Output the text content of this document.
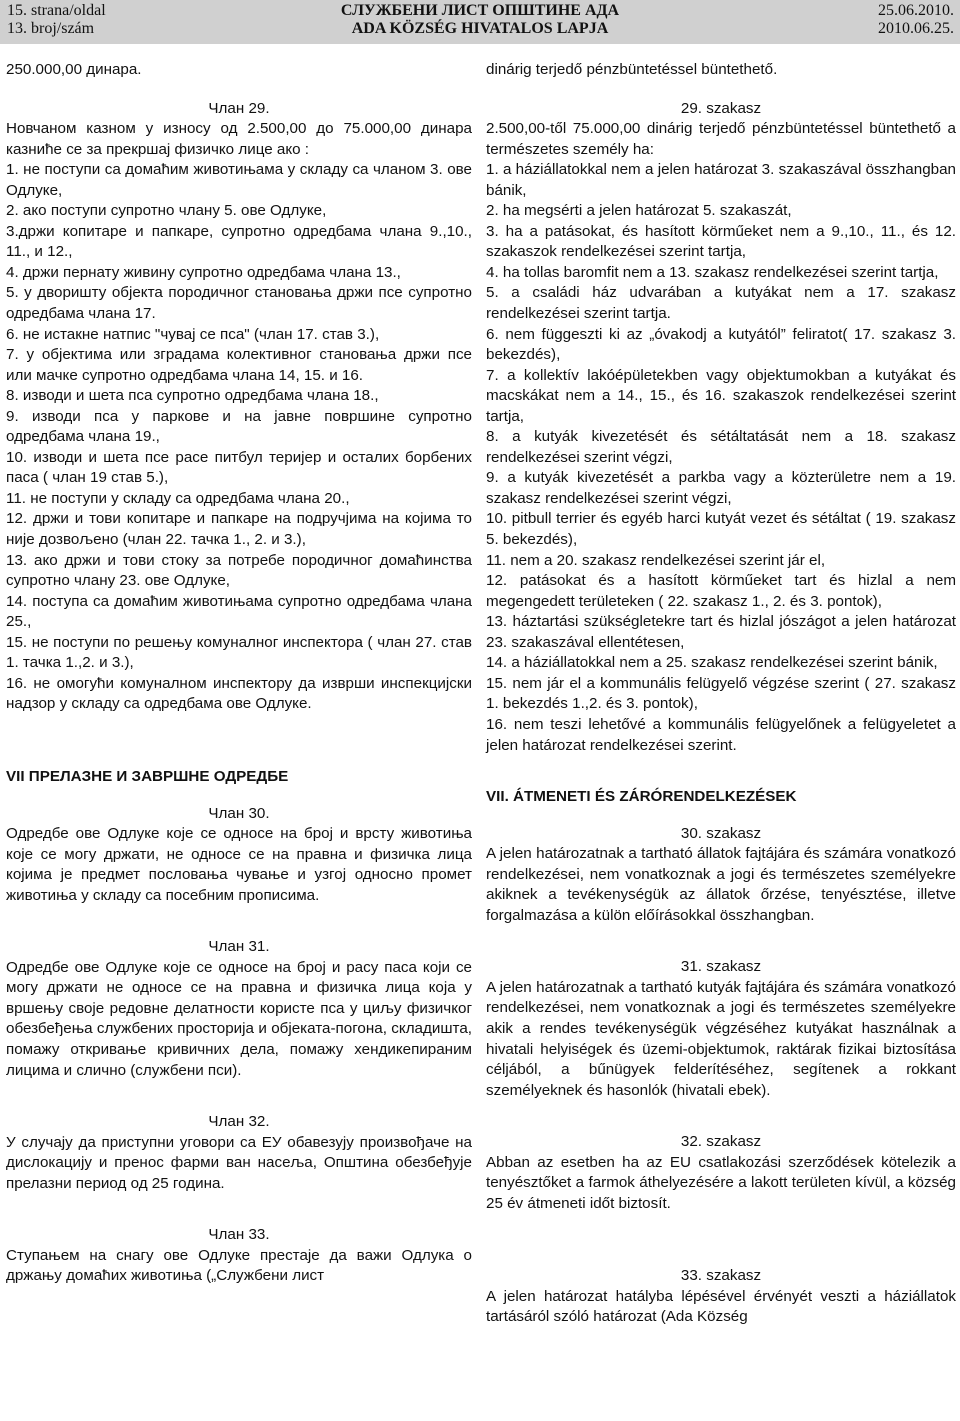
15. strana/oldal
13. broj/szám
СЛУЖБЕНИ ЛИСТ ОПШТИНЕ АДА
ADA KÖZSÉG HIVATALOS LAPJA
25.06.2010.
2010.06.25.

250.000,00 динара.

Члан 29.

Новчаном казном у износу од 2.500,00 до 75.000,00 динара казниће се за прекршај физичко лице ако :

1. не поступи са домаћим животињама у складу са чланом 3. ове Одлуке,

2. ако поступи супротно члану 5. ове Одлуке,

3.држи копитаре и папкаре, супротно одредбама члана 9.,10., 11., и 12.,

4. држи пернату живину супротно одредбама члана 13.,

5. у дворишту објекта породичног становања држи псе супротно одредбама члана 17.

6. не истакне натпис "чувај се пса" (члан 17. став 3.),

7. у објектима или зградама колективног становања држи псе или мачке супротно одредбама члана 14, 15. и 16.

8. изводи и шета пса супротно одредбама члана 18.,

9. изводи пса у паркове и на јавне површине супротно одредбама члана 19.,

10. изводи и шета псе расе питбул теријер и осталих борбених паса ( члан 19 став 5.),

11. не поступи у складу са одредбама члана 20.,

12. држи и тови копитаре и папкаре на подручјима на којима то није дозвољено (члан 22. тачка 1., 2. и 3.),

13. ако држи и тови стоку за потребе породичног домаћинства супротно члану 23. ове Одлуке,

14. поступа са домаћим животињама супротно одредбама члана 25.,

15. не поступи по решењу комуналног инспектора ( члан 27. став 1. тачка 1.,2. и 3.),

16. не омогући комуналном инспектору да изврши инспекцијски надзор у складу са одредбама ове Одлуке.

VII ПРЕЛАЗНЕ И ЗАВРШНЕ ОДРЕДБЕ

Члан 30.

Одредбе ове Одлуке које се односе на број и врсту животиња које се могу држати, не односе се на правна и физичка лица којима је предмет пословања чување и узгој односно промет животиња у складу са посебним прописима.

Члан 31.

Одредбе ове Одлуке које се односе на број и расу паса који се могу држати не односе се на правна и физичка лица која у вршењу своје редовне делатности користе пса у циљу физичког обезбеђења службених просторија и објеката-погона, складишта, помажу откривање кривичних дела, помажу хендикепираним лицима и слично (службени пси).

Члан 32.

У случају да приступни уговори са ЕУ обавезују произвођаче на дислокацију и пренос фарми ван насеља, Општина обезбеђује прелазни период од 25 година.

Члан 33.

Ступањем на снагу ове Одлуке престаје да важи Одлука о држању домаћих животиња („Службени лист

dinárig terjedő pénzbüntetéssel büntethető.

29. szakasz

2.500,00-től 75.000,00 dinárig terjedő pénzbüntetéssel büntethető a természetes személy ha:

1. a háziállatokkal nem a jelen határozat 3. szakaszával összhangban bánik,

2. ha megsérti a jelen határozat 5. szakaszát,

3. ha a patásokat, és hasított körműeket nem a 9.,10., 11., és 12. szakaszok rendelkezései szerint tartja,

4. ha tollas baromfit nem a 13. szakasz rendelkezései szerint tartja,

5. a családi ház udvarában a kutyákat nem a 17. szakasz rendelkezései szerint tartja.

6. nem függeszti ki az „óvakodj a kutyától” feliratot( 17. szakasz 3. bekezdés),

7. a kollektív lakóépületekben vagy objektumokban a kutyákat és macskákat nem a 14., 15., és 16. szakaszok rendelkezései szerint tartja,

8. a kutyák kivezetését és sétáltatását nem a 18. szakasz rendelkezései szerint végzi,

9. a kutyák kivezetését a parkba vagy a közterületre nem a 19. szakasz rendelkezései szerint végzi,

10. pitbull terrier és egyéb harci kutyát vezet és sétáltat ( 19. szakasz 5. bekezdés),

11. nem a 20. szakasz rendelkezései szerint jár el,

12. patásokat és a hasított körműeket tart és hizlal a nem megengedett területeken ( 22. szakasz 1., 2. és 3. pontok),

13. háztartási szükségletekre tart és hizlal jószágot a jelen határozat 23. szakaszával ellentétesen,

14. a háziállatokkal nem a 25. szakasz rendelkezései szerint bánik,

15. nem jár el a kommunális felügyelő végzése szerint ( 27. szakasz 1. bekezdés 1.,2. és 3. pontok),

16. nem teszi lehetővé a kommunális felügyelőnek a felügyeletet a jelen határozat rendelkezései szerint.

VII. ÁTMENETI ÉS ZÁRÓRENDELKEZÉSEK

30. szakasz

A jelen határozatnak a tartható állatok fajtájára és számára vonatkozó rendelkezései, nem vonatkoznak a jogi és természetes személyekre akiknek a tevékenységük az állatok őrzése, tenyésztése, illetve forgalmazása a külön előírásokkal összhangban.

31. szakasz

A jelen határozatnak a tartható kutyák fajtájára és számára vonatkozó rendelkezései, nem vonatkoznak a jogi és természetes személyekre akik a rendes tevékenységük végzéséhez kutyákat használnak a hivatali helyiségek és üzemi-objektumok, raktárak fizikai biztosítása céljából, a bűnügyek felderítéséhez, segítenek a rokkant személyeknek és hasonlók (hivatali ebek).

32. szakasz

Abban az esetben ha az EU csatlakozási szerződések kötelezik a tenyésztőket a farmok áthelyezésére a lakott területen kívül, a község 25 év átmeneti időt biztosít.

33. szakasz

A jelen határozat hatályba lépésével érvényét veszti a háziállatok tartásáról szóló határozat (Ada Község
